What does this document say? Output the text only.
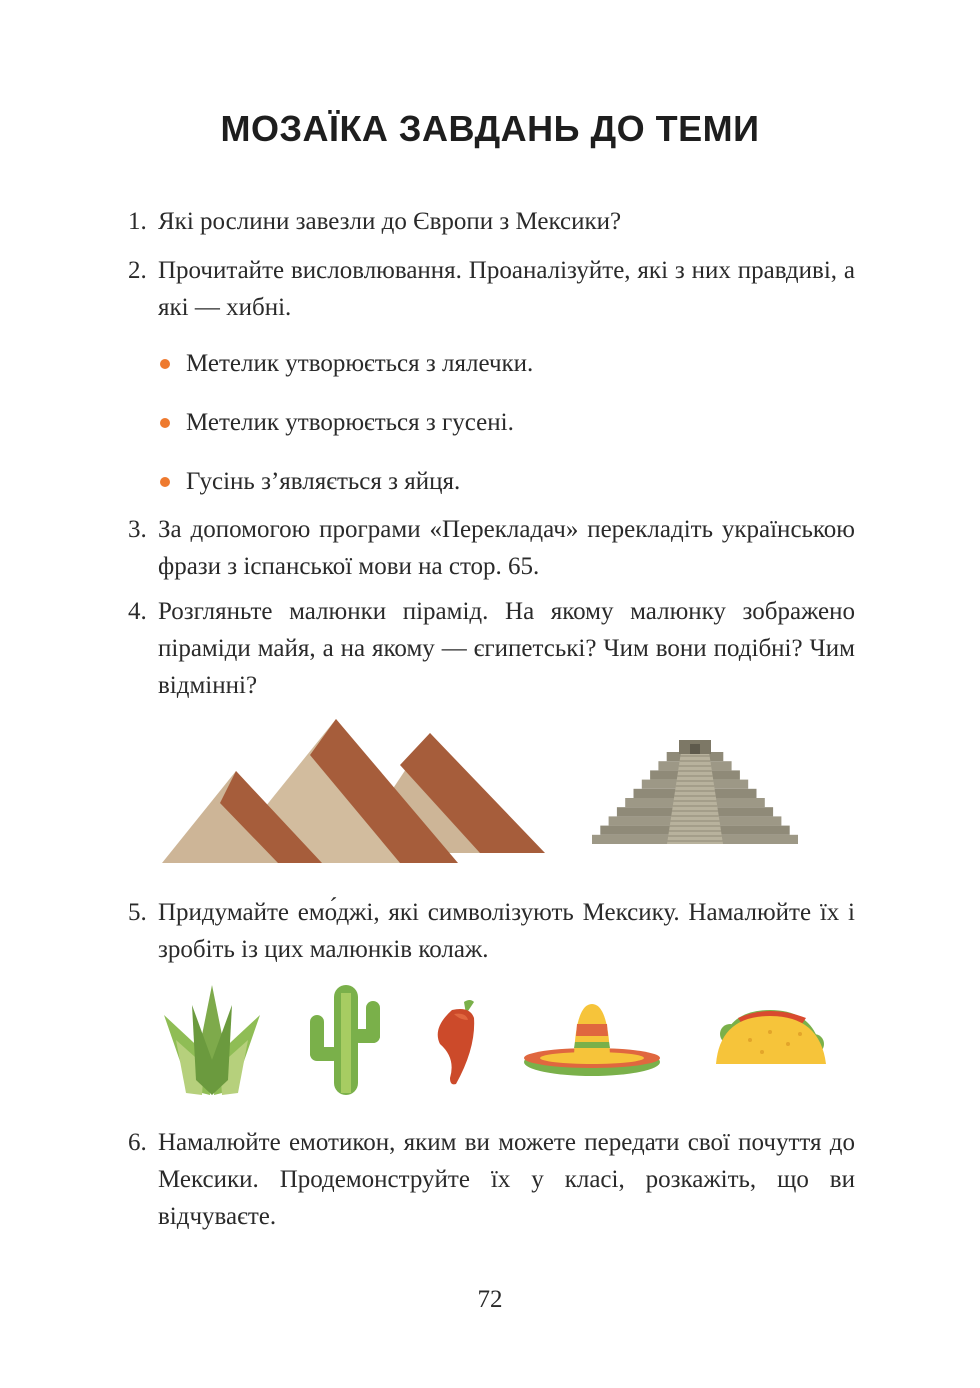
МОЗАЇКА ЗАВДАНЬ ДО ТЕМИ
1. Які рослини завезли до Європи з Мексики?
2. Прочитайте висловлювання. Проаналізуйте, які з них правдиві, а які — хибні.
Метелик утворюється з лялечки.
Метелик утворюється з гусені.
Гусінь з’являється з яйця.
3. За допомогою програми «Перекладач» перекладіть українською фрази з іспанської мови на стор. 65.
4. Розгляньте малюнки пірамід. На якому малюнку зображено піраміди майя, а на якому — єгипетські? Чим вони подібні? Чим відмінні?
5. Придумайте емо́джі, які символізують Мексику. Намалюйте їх і зробіть із цих малюнків колаж.
6. Намалюйте емотикон, яким ви можете передати свої почуття до Мексики. Продемонструйте їх у класі, розкажіть, що ви відчуваєте.
72
